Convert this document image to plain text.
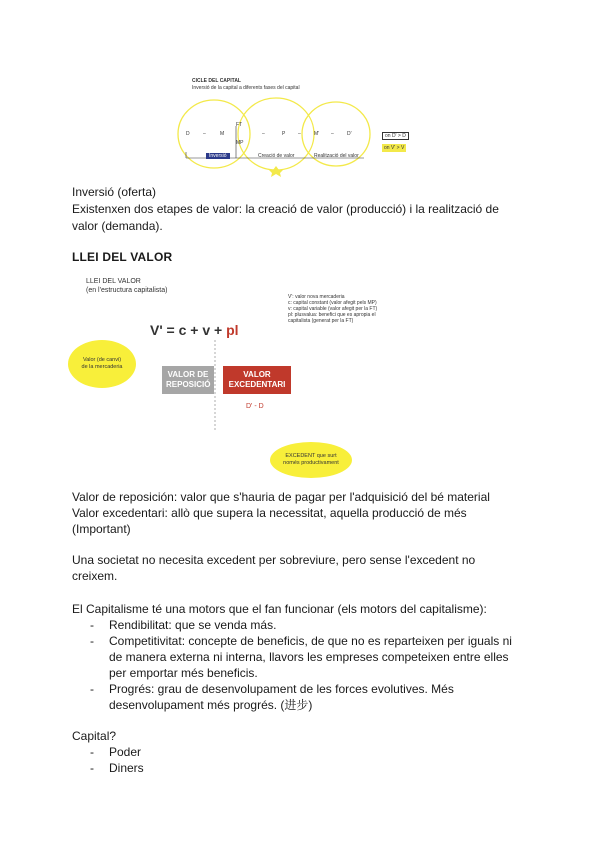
CICLE DEL CAPITAL
Inversió de la capital a diferents fases del capital
D	–	M
FT
MP
–	P	–	M' –	D'	on D' > D
on V' > V
Inversió	Creació de valor	Realització del valor
Inversió (oferta)
Existenxen dos etapes de valor: la creació de valor (producció) i la realització de
valor (demanda).
LLEI DEL VALOR
LLEI DEL VALOR
(en l'estructura capitalista)
V': valor nova mercaderia
c: capital constant (valor afegit pels MP)
v: capital variable (valor afegit per la FT)
pl: plusvalua: benefici que es apropia el
capitalista (generat per la FT)
V' = c + v + pl
Valor (de canvi) de la mercaderia
VALOR DE REPOSICIÓ
VALOR EXCEDENTARI
D' - D
EXCEDENT que surt només productivament
Valor de reposición: valor que s'hauria de pagar per l'adquisició del bé material
Valor excedentari: allò que supera la necessitat, aquella producció de més
(Important)
Una societat no necesita excedent per sobreviure, pero sense l'excedent no
creixem.
El Capitalisme té una motors que el fan funcionar (els motors del capitalisme):
- Rendibilitat: que se venda más.
- Competitivitat: concepte de beneficis, de que no es reparteixen per iguals ni
de manera externa ni interna, llavors les empreses competeixen entre elles
per emportar més beneficis.
- Progrés: grau de desenvolupament de les forces evolutives. Més
desenvolupament més progrés. (进步)
Capital?
- Poder
- Diners
